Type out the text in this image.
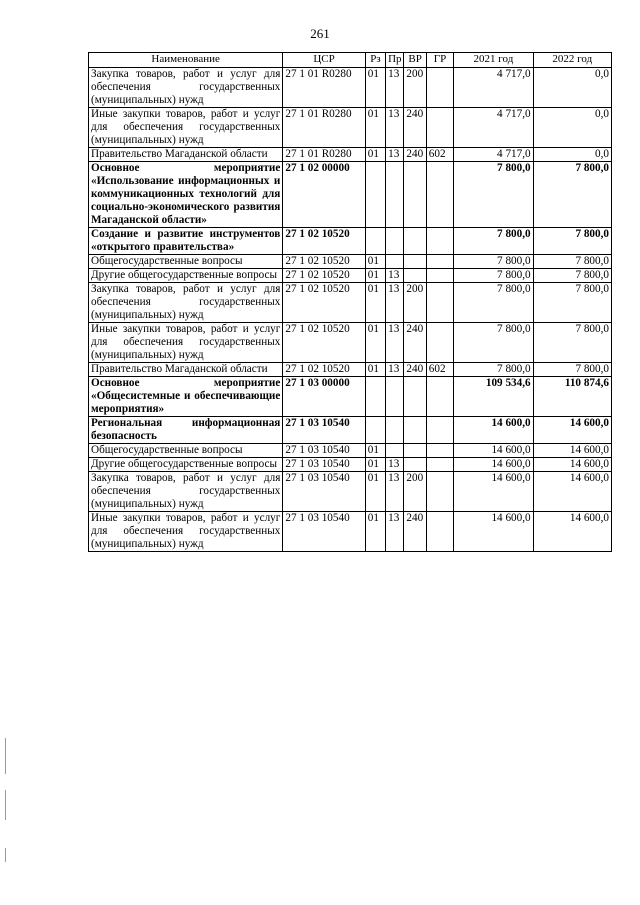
261
Наименование	ЦСР	Рз	Пр	ВР	ГР	2021 год	2022 год
Закупка товаров, работ и услуг для обеспечения государственных (муниципальных) нужд	27 1 01 R0280	01	13	200		4 717,0	0,0
Иные закупки товаров, работ и услуг для обеспечения государственных (муниципальных) нужд	27 1 01 R0280	01	13	240		4 717,0	0,0
Правительство Магаданской области	27 1 01 R0280	01	13	240	602	4 717,0	0,0
Основное мероприятие «Использование информационных и коммуникационных технологий для социально-экономического развития Магаданской области»	27 1 02 00000					7 800,0	7 800,0
Создание и развитие инструментов «открытого правительства»	27 1 02 10520					7 800,0	7 800,0
Общегосударственные вопросы	27 1 02 10520	01				7 800,0	7 800,0
Другие общегосударственные вопросы	27 1 02 10520	01	13			7 800,0	7 800,0
Закупка товаров, работ и услуг для обеспечения государственных (муниципальных) нужд	27 1 02 10520	01	13	200		7 800,0	7 800,0
Иные закупки товаров, работ и услуг для обеспечения государственных (муниципальных) нужд	27 1 02 10520	01	13	240		7 800,0	7 800,0
Правительство Магаданской области	27 1 02 10520	01	13	240	602	7 800,0	7 800,0
Основное мероприятие «Общесистемные и обеспечивающие мероприятия»	27 1 03 00000					109 534,6	110 874,6
Региональная информационная безопасность	27 1 03 10540					14 600,0	14 600,0
Общегосударственные вопросы	27 1 03 10540	01				14 600,0	14 600,0
Другие общегосударственные вопросы	27 1 03 10540	01	13			14 600,0	14 600,0
Закупка товаров, работ и услуг для обеспечения государственных (муниципальных) нужд	27 1 03 10540	01	13	200		14 600,0	14 600,0
Иные закупки товаров, работ и услуг для обеспечения государственных (муниципальных) нужд	27 1 03 10540	01	13	240		14 600,0	14 600,0
